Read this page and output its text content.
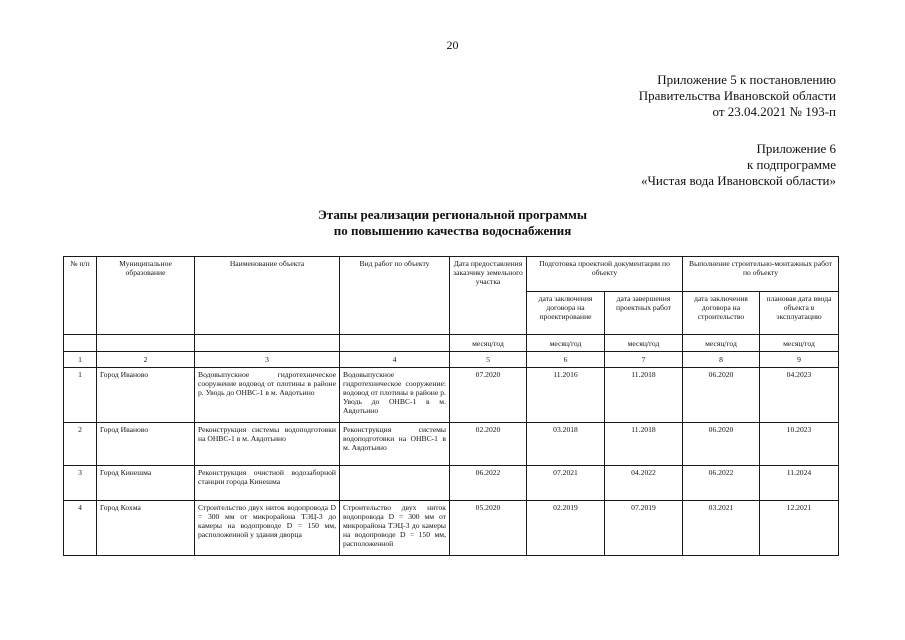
20
Приложение 5 к постановлению
Правительства Ивановской области
от 23.04.2021 № 193-п
Приложение 6
к подпрограмме
«Чистая вода Ивановской области»
Этапы реализации региональной программы
по повышению качества водоснабжения
№ п/п	Муниципальное образование	Наименование объекта	Вид работ по объекту	Дата предоставления заказчику земельного участка	Подготовка проектной документации по объекту		Выполнение строительно-монтажных работ по объекту	
					дата заключения договора на проектирование	дата завершения проектных работ	дата заключения договора на строительство	плановая дата ввода объекта в эксплуатацию
				месяц/год	месяц/год	месяц/год	месяц/год	месяц/год
1	2	3	4	5	6	7	8	9
1	Город Иваново	Водовыпускное гидротехническое сооружение водовод от плотины в районе р. Уводь до ОНВС-1 в м. Авдотьино	Водовыпускное гидротехническое сооружение: водовод от плотины в районе р. Уводь до ОНВС-1 в м. Авдотьино	07.2020	11.2016	11.2018	06.2020	04.2023
2	Город Иваново	Реконструкция системы водоподготовки на ОНВС-1 в м. Авдотьино	Реконструкция системы водоподготовки на ОНВС-1 в м. Авдотьино	02.2020	03.2018	11.2018	06.2020	10.2023
3	Город Кинешма	Реконструкция очистной водозаборной станции города Кинешма		06.2022	07.2021	04.2022	06.2022	11.2024
4	Город Кохма	Строительство двух ниток водопровода D = 300 мм от микрорайона ТЭЦ-3 до камеры на водопроводе D = 150 мм, расположенной у здания дворца	Строительство двух ниток водопровода D = 300 мм от микрорайона ТЭЦ-3 до камеры на водопроводе D = 150 мм, расположенной	05.2020	02.2019	07.2019	03.2021	12.2021
